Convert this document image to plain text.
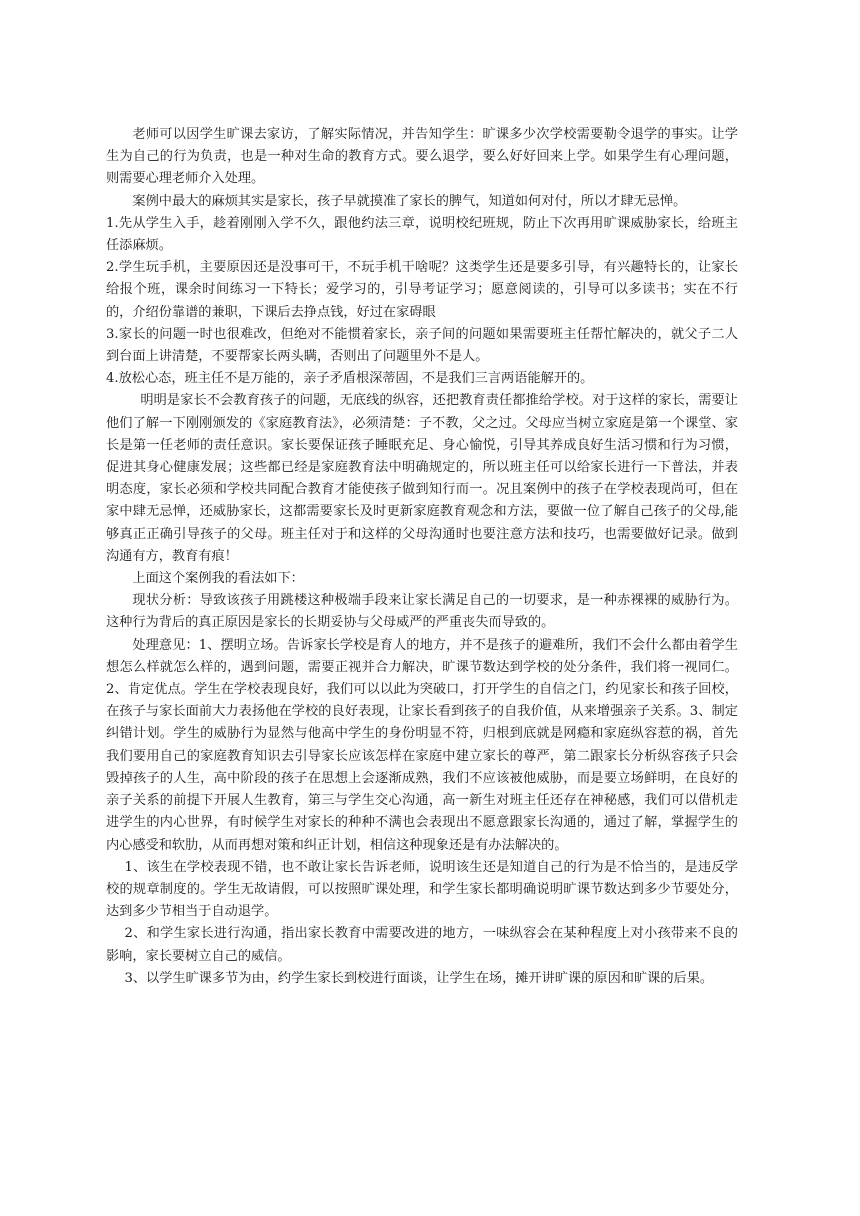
老师可以因学生旷课去家访，了解实际情况，并告知学生：旷课多少次学校需要勒令退学的事实。让学生为自己的行为负责，也是一种对生命的教育方式。要么退学，要么好好回来上学。如果学生有心理问题，则需要心理老师介入处理。

案例中最大的麻烦其实是家长，孩子早就摸准了家长的脾气，知道如何对付，所以才肆无忌惮。

1.先从学生入手，趁着刚刚入学不久，跟他约法三章，说明校纪班规，防止下次再用旷课威胁家长，给班主任添麻烦。

2.学生玩手机，主要原因还是没事可干，不玩手机干啥呢？这类学生还是要多引导，有兴趣特长的，让家长给报个班，课余时间练习一下特长；爱学习的，引导考证学习；愿意阅读的，引导可以多读书；实在不行的，介绍份靠谱的兼职，下课后去挣点钱，好过在家碍眼

3.家长的问题一时也很难改，但绝对不能惯着家长，亲子间的问题如果需要班主任帮忙解决的，就父子二人到台面上讲清楚，不要帮家长两头瞒，否则出了问题里外不是人。

4.放松心态，班主任不是万能的，亲子矛盾根深蒂固，不是我们三言两语能解开的。

明明是家长不会教育孩子的问题，无底线的纵容，还把教育责任都推给学校。对于这样的家长，需要让他们了解一下刚刚颁发的《家庭教育法》，必须清楚：子不教，父之过。父母应当树立家庭是第一个课堂、家长是第一任老师的责任意识。家长要保证孩子睡眠充足、身心愉悦，引导其养成良好生活习惯和行为习惯，促进其身心健康发展；这些都已经是家庭教育法中明确规定的，所以班主任可以给家长进行一下普法，并表明态度，家长必须和学校共同配合教育才能使孩子做到知行而一。况且案例中的孩子在学校表现尚可，但在家中肆无忌惮，还威胁家长，这都需要家长及时更新家庭教育观念和方法，要做一位了解自己孩子的父母,能够真正正确引导孩子的父母。班主任对于和这样的父母沟通时也要注意方法和技巧，也需要做好记录。做到沟通有方，教育有痕！

上面这个案例我的看法如下：

现状分析：导致该孩子用跳楼这种极端手段来让家长满足自己的一切要求，是一种赤裸裸的威胁行为。这种行为背后的真正原因是家长的长期妥协与父母威严的严重丧失而导致的。

处理意见：1、摆明立场。告诉家长学校是育人的地方，并不是孩子的避难所，我们不会什么都由着学生想怎么样就怎么样的，遇到问题，需要正视并合力解决，旷课节数达到学校的处分条件，我们将一视同仁。2、肯定优点。学生在学校表现良好，我们可以以此为突破口，打开学生的自信之门，约见家长和孩子回校，在孩子与家长面前大力表扬他在学校的良好表现，让家长看到孩子的自我价值，从来增强亲子关系。3、制定纠错计划。学生的威胁行为显然与他高中学生的身份明显不符，归根到底就是网瘾和家庭纵容惹的祸，首先我们要用自己的家庭教育知识去引导家长应该怎样在家庭中建立家长的尊严，第二跟家长分析纵容孩子只会毁掉孩子的人生，高中阶段的孩子在思想上会逐渐成熟，我们不应该被他威胁，而是要立场鲜明，在良好的亲子关系的前提下开展人生教育，第三与学生交心沟通，高一新生对班主任还存在神秘感，我们可以借机走进学生的内心世界，有时候学生对家长的种种不满也会表现出不愿意跟家长沟通的，通过了解，掌握学生的内心感受和软肋，从而再想对策和纠正计划，相信这种现象还是有办法解决的。

1、该生在学校表现不错，也不敢让家长告诉老师，说明该生还是知道自己的行为是不恰当的，是违反学校的规章制度的。学生无故请假，可以按照旷课处理，和学生家长都明确说明旷课节数达到多少节要处分，达到多少节相当于自动退学。

2、和学生家长进行沟通，指出家长教育中需要改进的地方，一味纵容会在某种程度上对小孩带来不良的影响，家长要树立自己的威信。

3、以学生旷课多节为由，约学生家长到校进行面谈，让学生在场，摊开讲旷课的原因和旷课的后果。
